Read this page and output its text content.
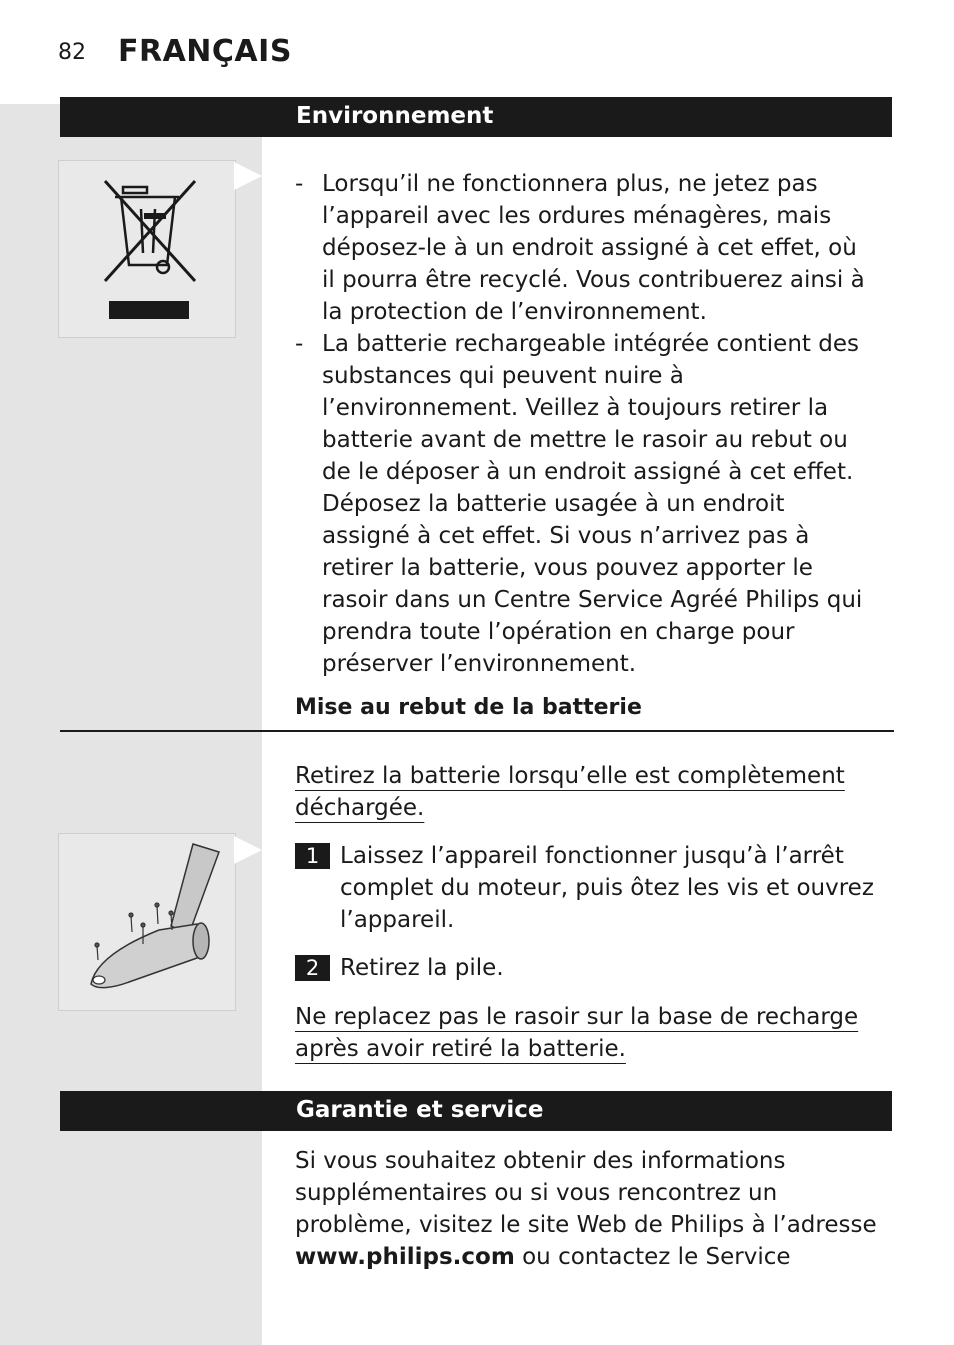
82 FRANÇAIS
Environnement
- Lorsqu’il ne fonctionnera plus, ne jetez pas l’appareil avec les ordures ménagères, mais déposez-le à un endroit assigné à cet effet, où il pourra être recyclé. Vous contribuerez ainsi à la protection de l’environnement.
- La batterie rechargeable intégrée contient des substances qui peuvent nuire à l’environnement. Veillez à toujours retirer la batterie avant de mettre le rasoir au rebut ou de le déposer à un endroit assigné à cet effet. Déposez la batterie usagée à un endroit assigné à cet effet. Si vous n’arrivez pas à retirer la batterie, vous pouvez apporter le rasoir dans un Centre Service Agréé Philips qui prendra toute l’opération en charge pour préserver l’environnement.
Mise au rebut de la batterie
Retirez la batterie lorsqu’elle est complètement déchargée.
1 Laissez l’appareil fonctionner jusqu’à l’arrêt complet du moteur, puis ôtez les vis et ouvrez l’appareil.
2 Retirez la pile.
Ne replacez pas le rasoir sur la base de recharge après avoir retiré la batterie.
Garantie et service
Si vous souhaitez obtenir des informations supplémentaires ou si vous rencontrez un problème, visitez le site Web de Philips à l’adresse www.philips.com ou contactez le Service
